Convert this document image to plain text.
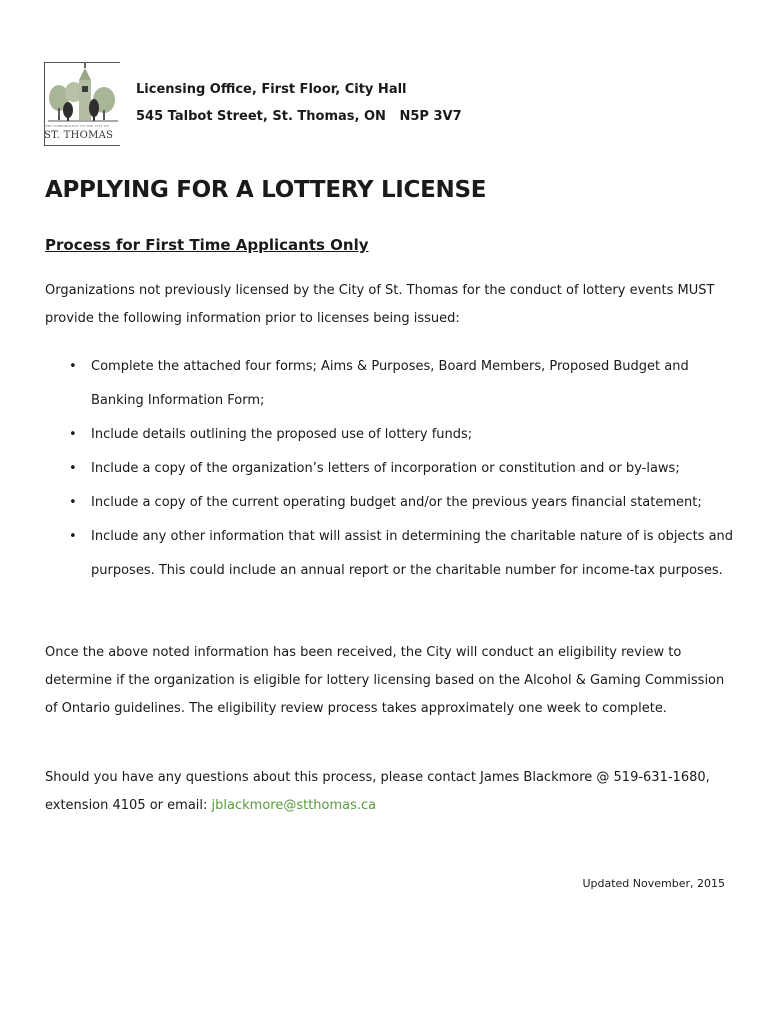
THE CORPORATION OF THE CITY OF
ST. THOMAS
Licensing Office, First Floor, City Hall
545 Talbot Street, St. Thomas, ON   N5P 3V7
APPLYING FOR A LOTTERY LICENSE
Process for First Time Applicants Only

Organizations not previously licensed by the City of St. Thomas for the conduct of lottery events MUST provide the following information prior to licenses being issued:

• Complete the attached four forms; Aims & Purposes, Board Members, Proposed Budget and Banking Information Form;
• Include details outlining the proposed use of lottery funds;
• Include a copy of the organization’s letters of incorporation or constitution and or by-laws;
• Include a copy of the current operating budget and/or the previous years financial statement;
• Include any other information that will assist in determining the charitable nature of is objects and purposes. This could include an annual report or the charitable number for income-tax purposes.

Once the above noted information has been received, the City will conduct an eligibility review to determine if the organization is eligible for lottery licensing based on the Alcohol & Gaming Commission of Ontario guidelines. The eligibility review process takes approximately one week to complete.

Should you have any questions about this process, please contact James Blackmore @ 519-631-1680, extension 4105 or email: jblackmore@stthomas.ca

Updated November, 2015
